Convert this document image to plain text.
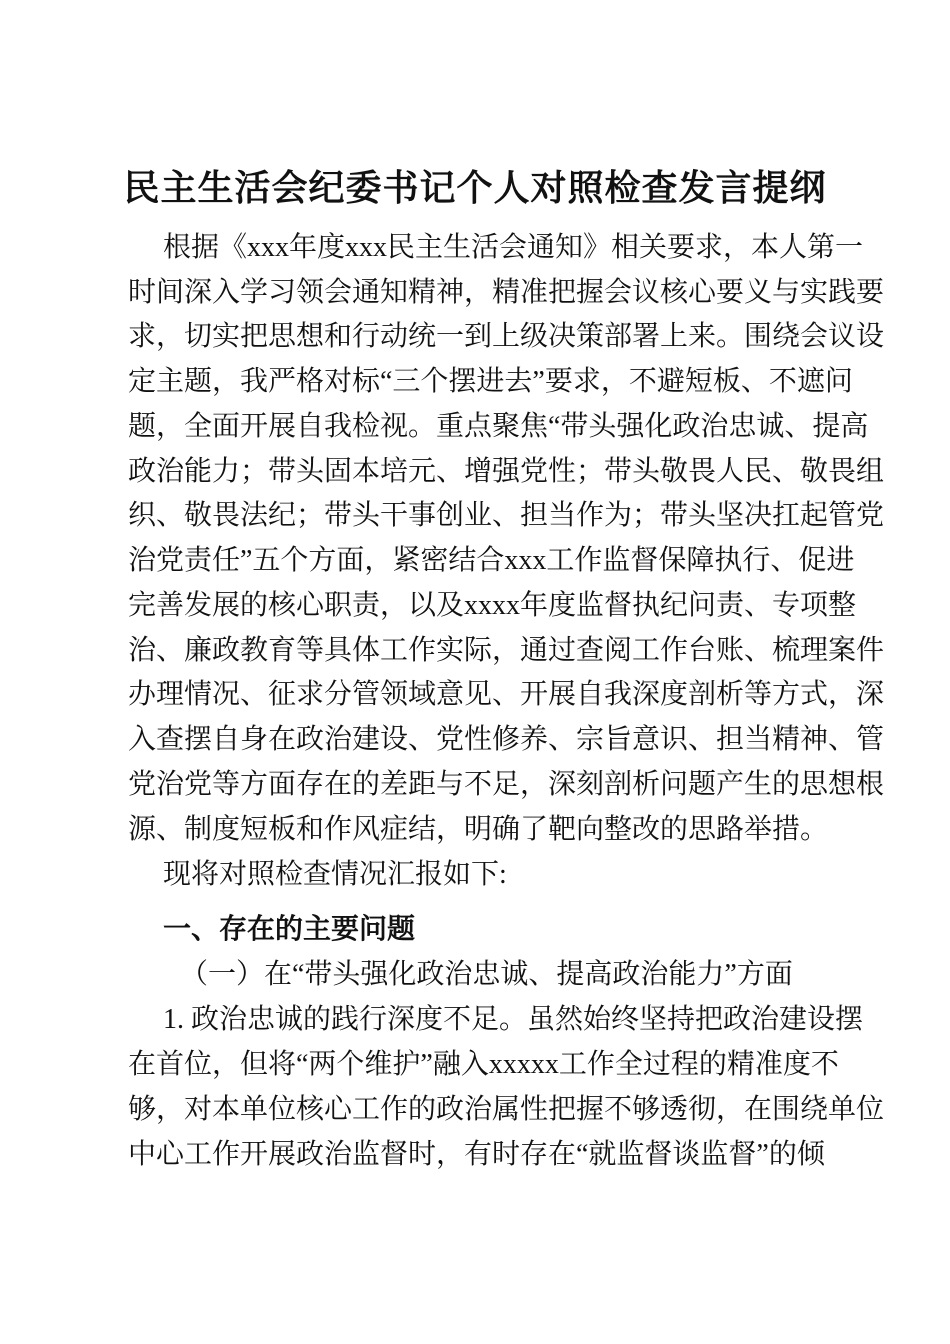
民主生活会纪委书记个人对照检查发言提纲
根据《xxx年度xxx民主生活会通知》相关要求，本人第一
时间深入学习领会通知精神，精准把握会议核心要义与实践要
求，切实把思想和行动统一到上级决策部署上来。围绕会议设
定主题，我严格对标“三个摆进去”要求，不避短板、不遮问
题，全面开展自我检视。重点聚焦“带头强化政治忠诚、提高
政治能力；带头固本培元、增强党性；带头敬畏人民、敬畏组
织、敬畏法纪；带头干事创业、担当作为；带头坚决扛起管党
治党责任”五个方面，紧密结合xxx工作监督保障执行、促进
完善发展的核心职责，以及xxxx年度监督执纪问责、专项整
治、廉政教育等具体工作实际，通过查阅工作台账、梳理案件
办理情况、征求分管领域意见、开展自我深度剖析等方式，深
入查摆自身在政治建设、党性修养、宗旨意识、担当精神、管
党治党等方面存在的差距与不足，深刻剖析问题产生的思想根
源、制度短板和作风症结，明确了靶向整改的思路举措。
现将对照检查情况汇报如下:
一、存在的主要问题
（一）在“带头强化政治忠诚、提高政治能力”方面
1. 政治忠诚的践行深度不足。虽然始终坚持把政治建设摆
在首位，但将“两个维护”融入xxxxx工作全过程的精准度不
够，对本单位核心工作的政治属性把握不够透彻，在围绕单位
中心工作开展政治监督时，有时存在“就监督谈监督”的倾
